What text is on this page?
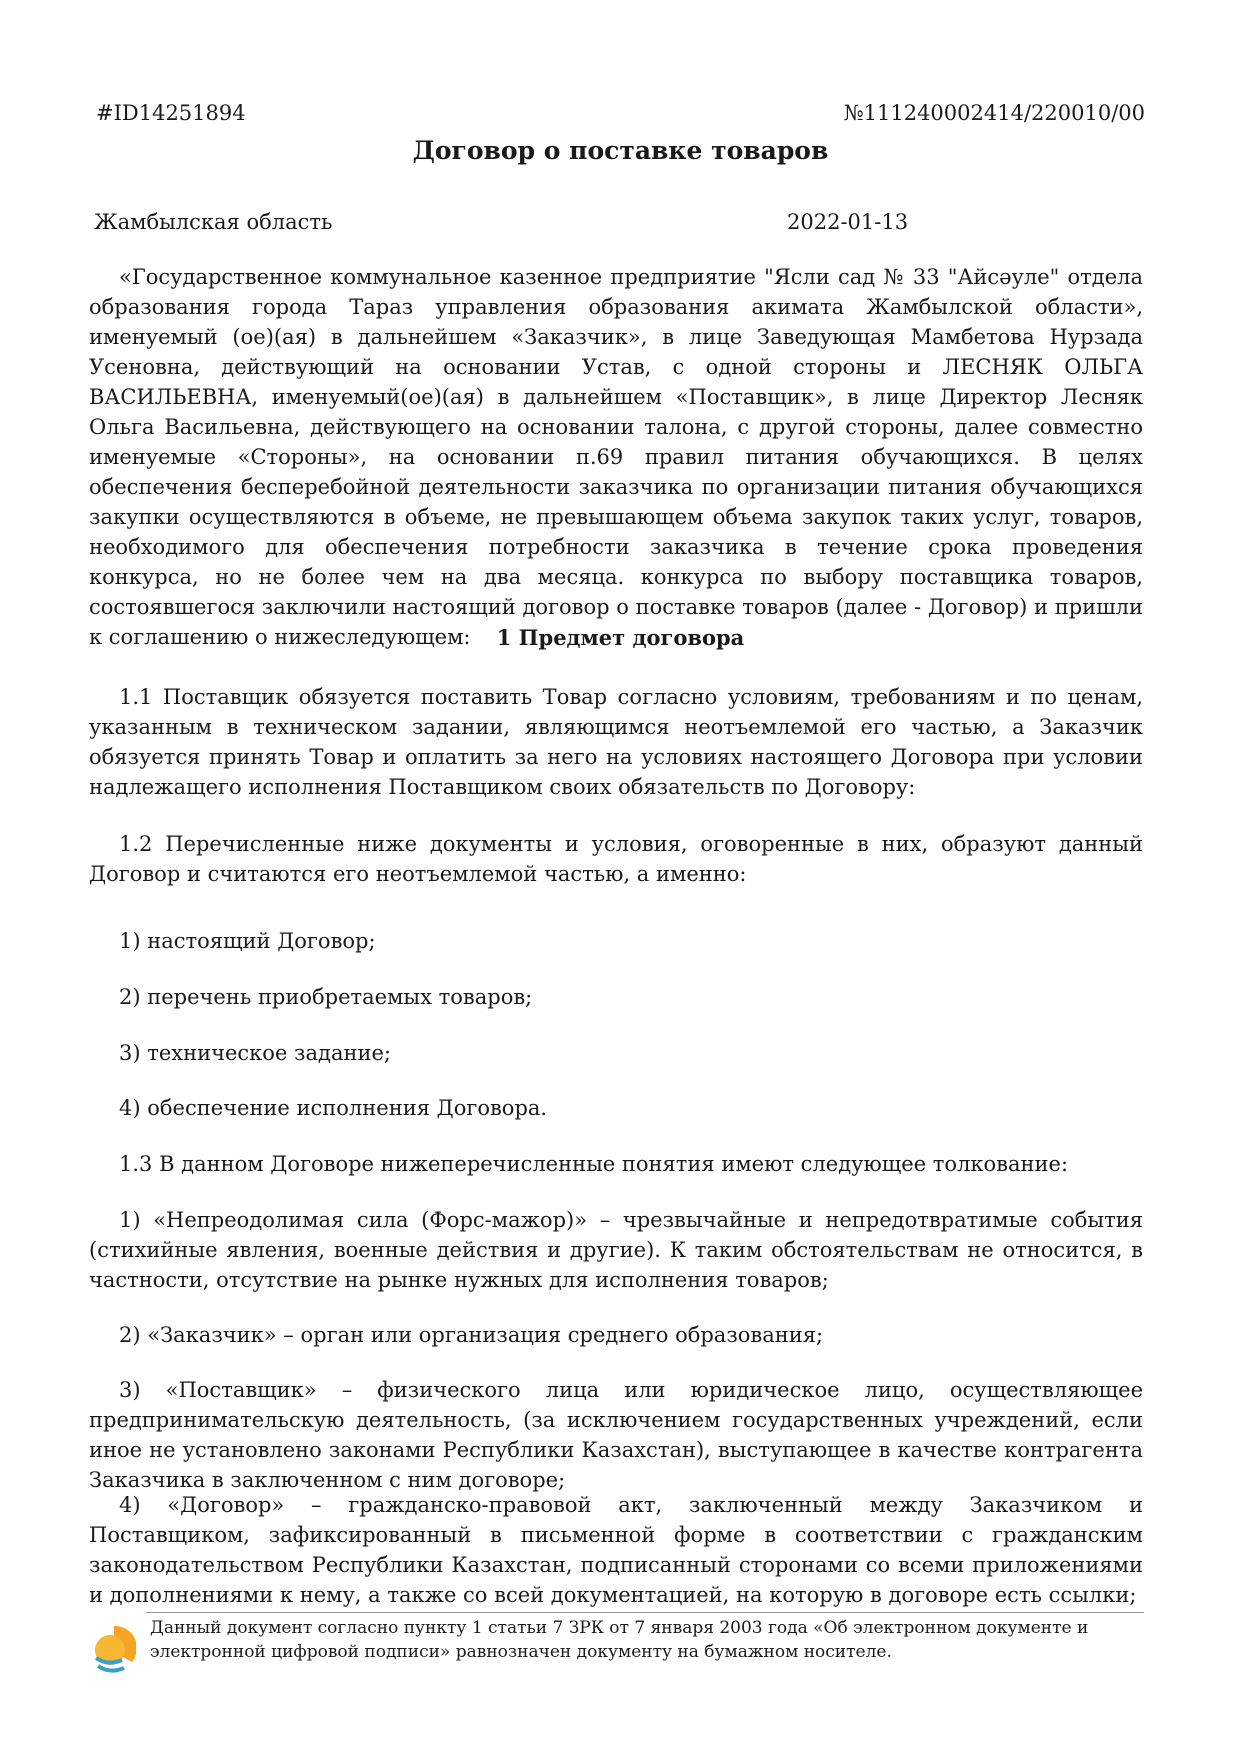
#ID14251894	№111240002414/220010/00
Договор о поставке товаров
Жамбылская область	2022-01-13
«Государственное коммунальное казенное предприятие "Ясли сад № 33 "Айсәуле" отдела образования города Тараз управления образования акимата Жамбылской области», именуемый (ое)(ая) в дальнейшем «Заказчик», в лице Заведующая Мамбетова Нурзада Усеновна, действующий на основании Устав, с одной стороны и ЛЕСНЯК ОЛЬГА ВАСИЛЬЕВНА, именуемый(ое)(ая) в дальнейшем «Поставщик», в лице Директор Лесняк Ольга Васильевна, действующего на основании талона, с другой стороны, далее совместно именуемые «Стороны», на основании п.69 правил питания обучающихся. В целях обеспечения бесперебойной деятельности заказчика по организации питания обучающихся закупки осуществляются в объеме, не превышающем объема закупок таких услуг, товаров, необходимого для обеспечения потребности заказчика в течение срока проведения конкурса, но не более чем на два месяца. конкурса по выбору поставщика товаров, состоявшегося заключили настоящий договор о поставке товаров (далее - Договор) и пришли к соглашению о нижеследующем:	1 Предмет договора
1.1 Поставщик обязуется поставить Товар согласно условиям, требованиям и по ценам, указанным в техническом задании, являющимся неотъемлемой его частью, а Заказчик обязуется принять Товар и оплатить за него на условиях настоящего Договора при условии надлежащего исполнения Поставщиком своих обязательств по Договору:
1.2 Перечисленные ниже документы и условия, оговоренные в них, образуют данный Договор и считаются его неотъемлемой частью, а именно:
1) настоящий Договор;
2) перечень приобретаемых товаров;
3) техническое задание;
4) обеспечение исполнения Договора.
1.3 В данном Договоре нижеперечисленные понятия имеют следующее толкование:
1) «Непреодолимая сила (Форс-мажор)» – чрезвычайные и непредотвратимые события (стихийные явления, военные действия и другие). К таким обстоятельствам не относится, в частности, отсутствие на рынке нужных для исполнения товаров;
2) «Заказчик» – орган или организация среднего образования;
3) «Поставщик» – физического лица или юридическое лицо, осуществляющее предпринимательскую деятельность, (за исключением государственных учреждений, если иное не установлено законами Республики Казахстан), выступающее в качестве контрагента Заказчика в заключенном с ним договоре;
4) «Договор» – гражданско-правовой акт, заключенный между Заказчиком и Поставщиком, зафиксированный в письменной форме в соответствии с гражданским законодательством Республики Казахстан, подписанный сторонами со всеми приложениями и дополнениями к нему, а также со всей документацией, на которую в договоре есть ссылки;
Данный документ согласно пункту 1 статьи 7 ЗРК от 7 января 2003 года «Об электронном документе и электронной цифровой подписи» равнозначен документу на бумажном носителе.
